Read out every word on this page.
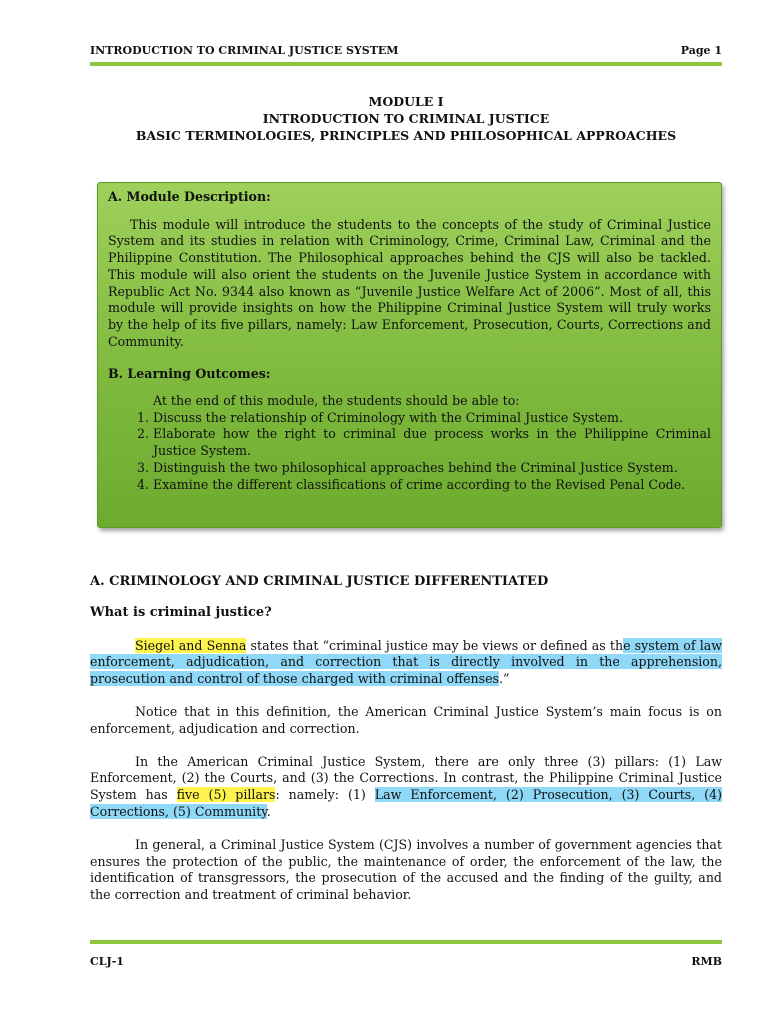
INTRODUCTION TO CRIMINAL JUSTICE SYSTEM	Page 1
MODULE I
INTRODUCTION TO CRIMINAL JUSTICE
BASIC TERMINOLOGIES, PRINCIPLES AND PHILOSOPHICAL APPROACHES

A. Module Description:

This module will introduce the students to the concepts of the study of Criminal Justice System and its studies in relation with Criminology, Crime, Criminal Law, Criminal and the Philippine Constitution. The Philosophical approaches behind the CJS will also be tackled. This module will also orient the students on the Juvenile Justice System in accordance with Republic Act No. 9344 also known as “Juvenile Justice Welfare Act of 2006”. Most of all, this module will provide insights on how the Philippine Criminal Justice System will truly works by the help of its five pillars, namely: Law Enforcement, Prosecution, Courts, Corrections and Community.

B. Learning Outcomes:

At the end of this module, the students should be able to:

1. Discuss the relationship of Criminology with the Criminal Justice System.
2. Elaborate how the right to criminal due process works in the Philippine Criminal Justice System.
3. Distinguish the two philosophical approaches behind the Criminal Justice System.
4. Examine the different classifications of crime according to the Revised Penal Code.
A. CRIMINOLOGY AND CRIMINAL JUSTICE DIFFERENTIATED
What is criminal justice?

Siegel and Senna states that “criminal justice may be views or defined as the system of law enforcement, adjudication, and correction that is directly involved in the apprehension, prosecution and control of those charged with criminal offenses.”

Notice that in this definition, the American Criminal Justice System’s main focus is on enforcement, adjudication and correction.

In the American Criminal Justice System, there are only three (3) pillars: (1) Law Enforcement, (2) the Courts, and (3) the Corrections. In contrast, the Philippine Criminal Justice System has five (5) pillars: namely: (1) Law Enforcement, (2) Prosecution, (3) Courts, (4) Corrections, (5) Community.

In general, a Criminal Justice System (CJS) involves a number of government agencies that ensures the protection of the public, the maintenance of order, the enforcement of the law, the identification of transgressors, the prosecution of the accused and the finding of the guilty, and the correction and treatment of criminal behavior.

CLJ-1	RMB
